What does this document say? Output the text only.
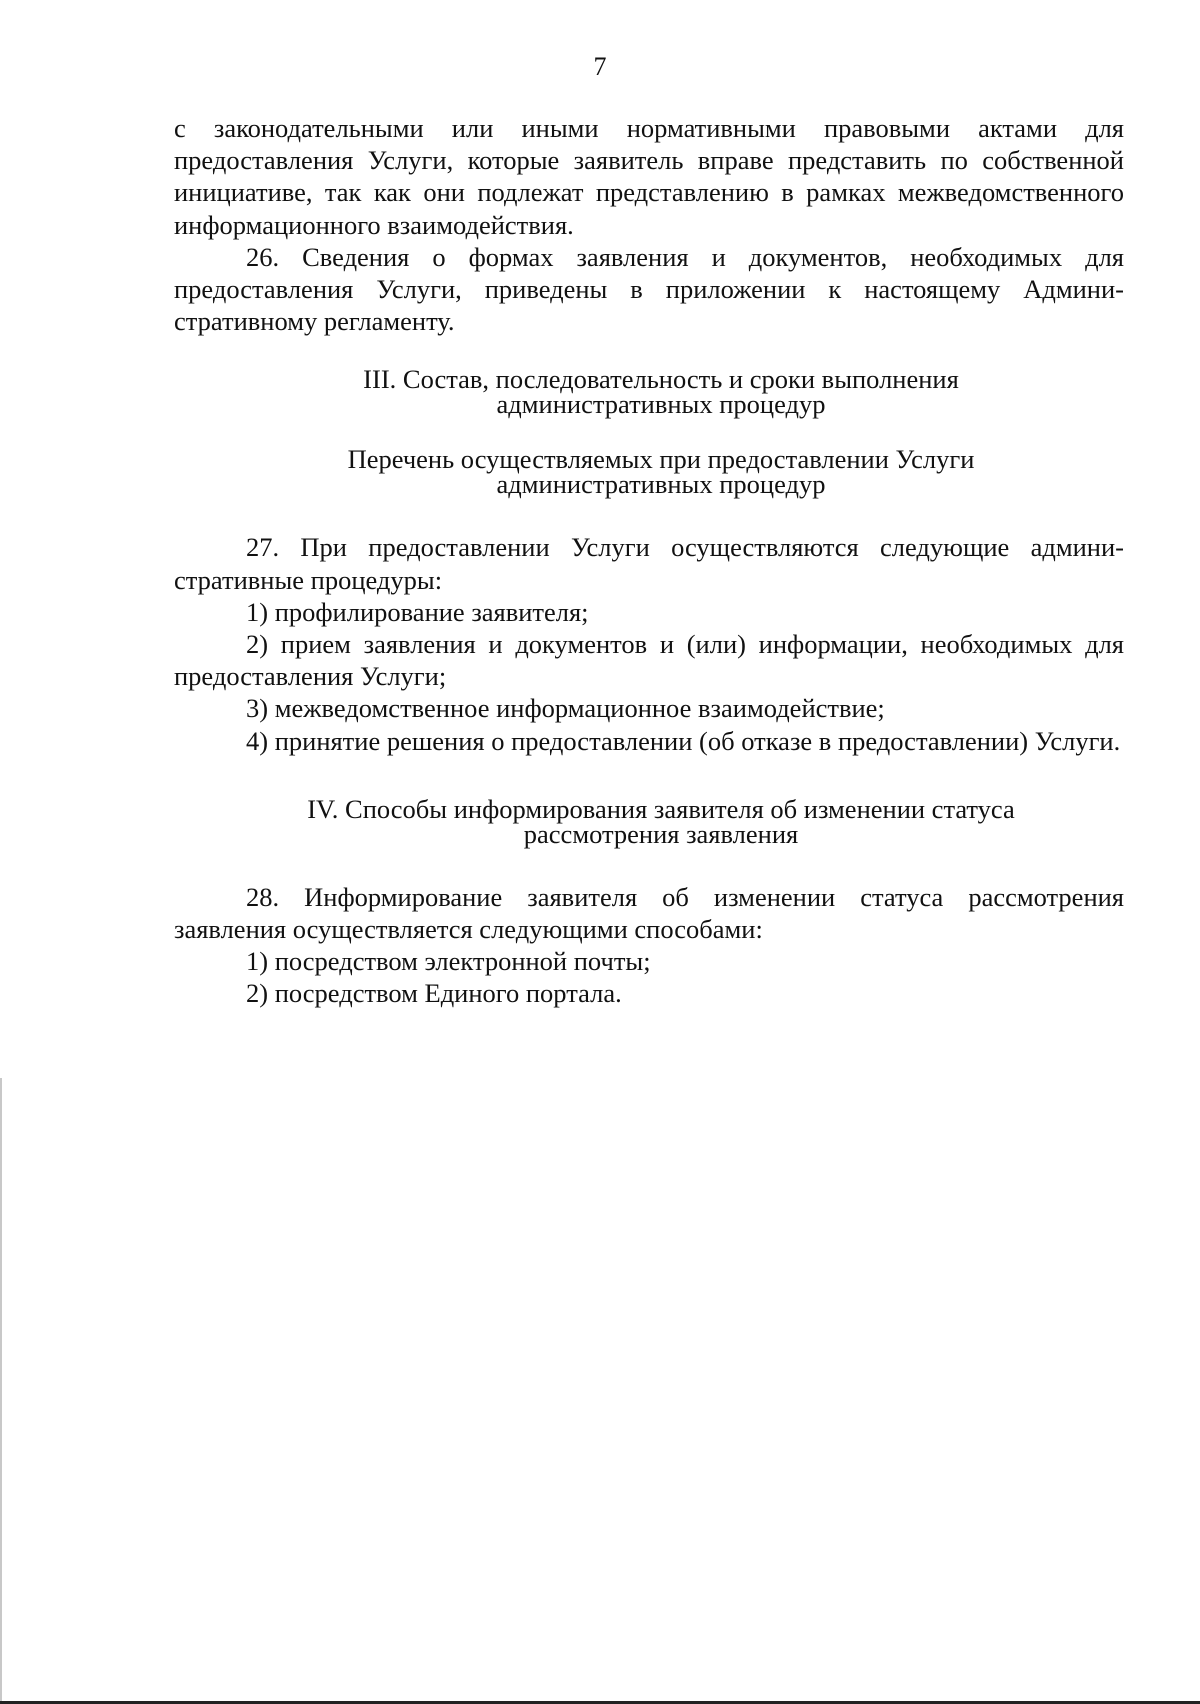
7

с законодательными или иными нормативными правовыми актами для предоставления Услуги, которые заявитель вправе представить по собственной инициативе, так как они подлежат представлению в рамках межведомственного информационного взаимодействия.

26. Сведения о формах заявления и документов, необходимых для предоставления Услуги, приведены в приложении к настоящему Административному регламенту.

III. Состав, последовательность и сроки выполнения

административных процедур

Перечень осуществляемых при предоставлении Услуги

административных процедур

27. При предоставлении Услуги осуществляются следующие административные процедуры:

1) профилирование заявителя;

2) прием заявления и документов и (или) информации, необходимых для предоставления Услуги;

3) межведомственное информационное взаимодействие;

4) принятие решения о предоставлении (об отказе в предоставлении) Услуги.

IV. Способы информирования заявителя об изменении статуса

рассмотрения заявления

28. Информирование заявителя об изменении статуса рассмотрения заявления осуществляется следующими способами:

1) посредством электронной почты;

2) посредством Единого портала.
